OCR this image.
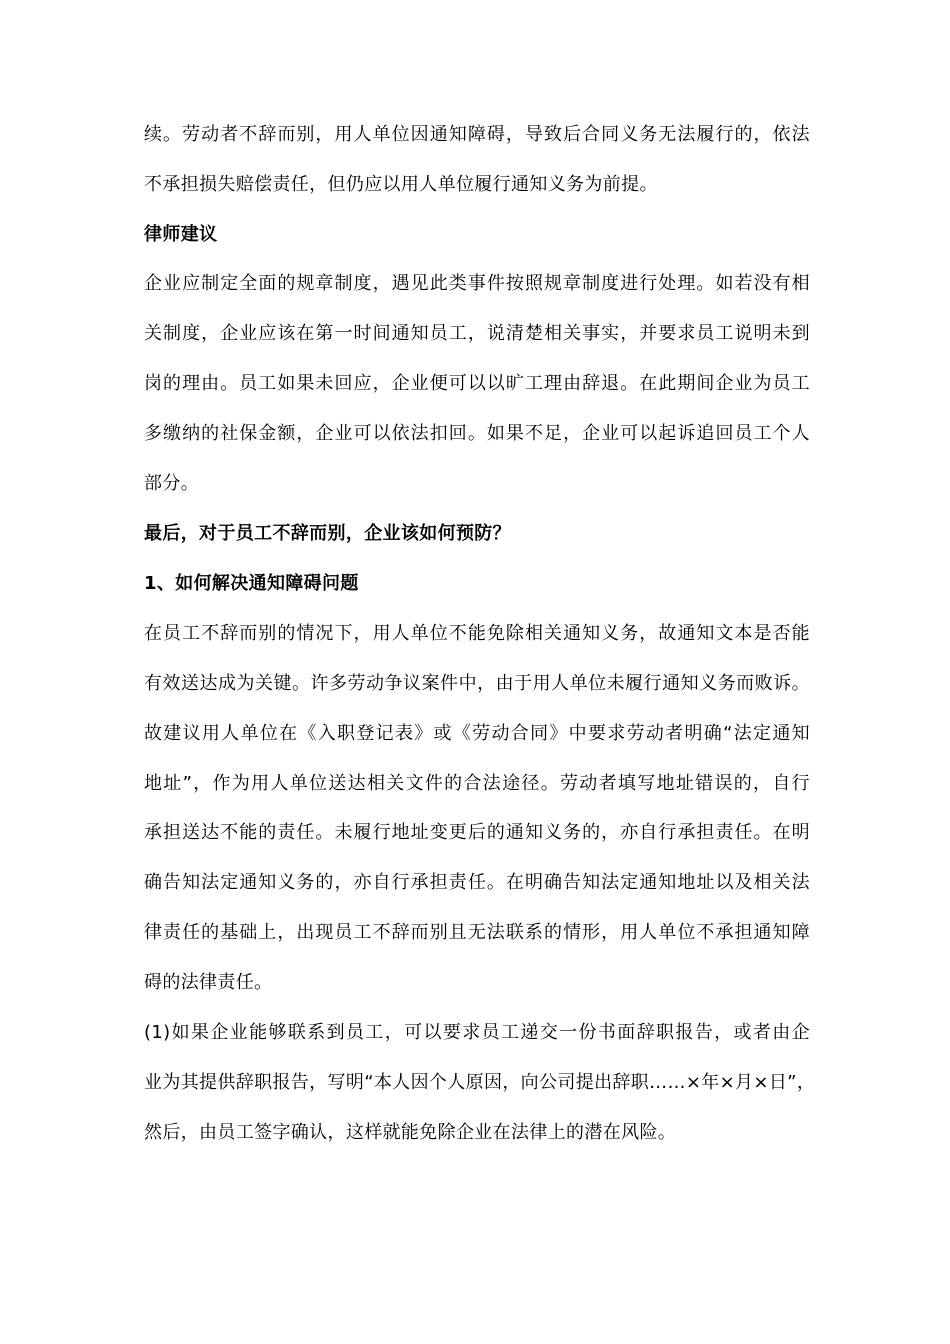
续。劳动者不辞而别，用人单位因通知障碍，导致后合同义务无法履行的，依法
不承担损失赔偿责任，但仍应以用人单位履行通知义务为前提。
律师建议
企业应制定全面的规章制度，遇见此类事件按照规章制度进行处理。如若没有相
关制度，企业应该在第一时间通知员工，说清楚相关事实，并要求员工说明未到
岗的理由。员工如果未回应，企业便可以以旷工理由辞退。在此期间企业为员工
多缴纳的社保金额，企业可以依法扣回。如果不足，企业可以起诉追回员工个人
部分。
最后，对于员工不辞而别，企业该如何预防？
1、如何解决通知障碍问题
在员工不辞而别的情况下，用人单位不能免除相关通知义务，故通知文本是否能
有效送达成为关键。许多劳动争议案件中，由于用人单位未履行通知义务而败诉。
故建议用人单位在《入职登记表》或《劳动合同》中要求劳动者明确“法定通知
地址”，作为用人单位送达相关文件的合法途径。劳动者填写地址错误的，自行
承担送达不能的责任。未履行地址变更后的通知义务的，亦自行承担责任。在明
确告知法定通知义务的，亦自行承担责任。在明确告知法定通知地址以及相关法
律责任的基础上，出现员工不辞而别且无法联系的情形，用人单位不承担通知障
碍的法律责任。
(1)如果企业能够联系到员工，可以要求员工递交一份书面辞职报告，或者由企
业为其提供辞职报告，写明“本人因个人原因，向公司提出辞职……×年×月×日”，
然后，由员工签字确认，这样就能免除企业在法律上的潜在风险。
